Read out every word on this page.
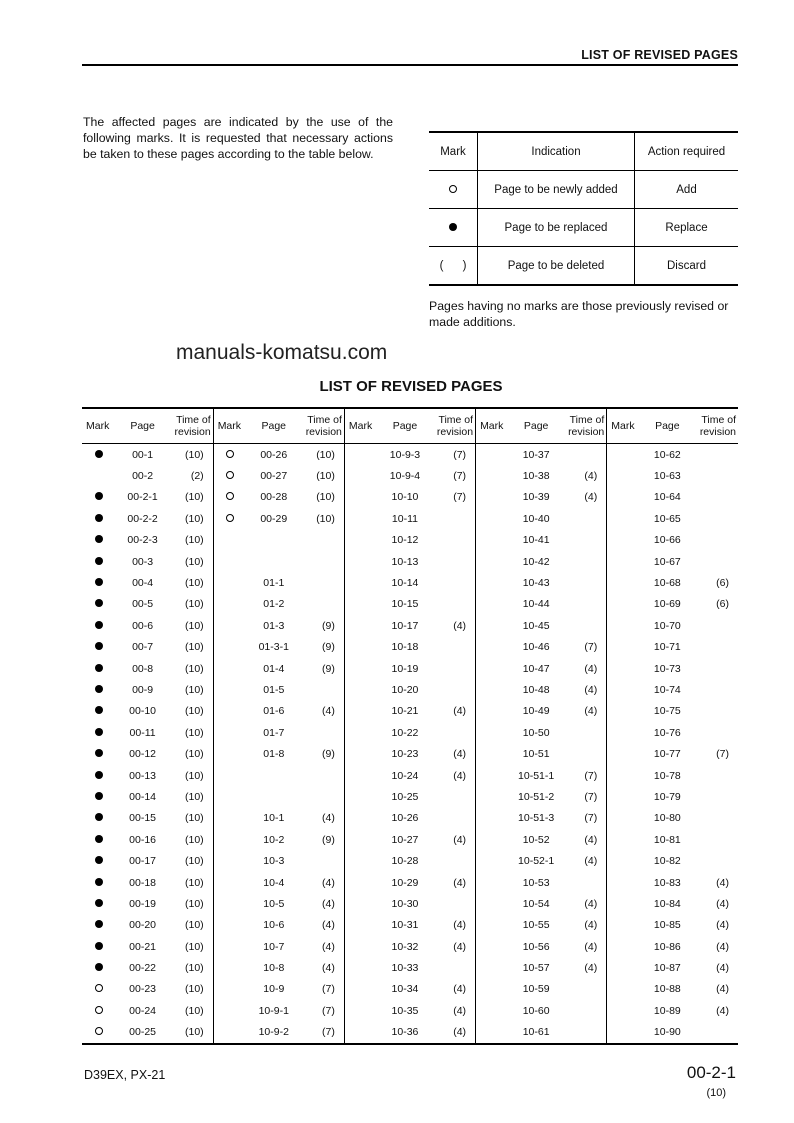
LIST OF REVISED PAGES
The affected pages are indicated by the use of the following marks. It is requested that necessary actions be taken to these pages according to the table below.	Mark	Indication	Action required
	Page to be newly added	Add
	Page to be replaced	Replace
(      )	Page to be deleted	Discard
Pages having no marks are those previously revised or made additions.
manuals-komatsu.com
LIST OF REVISED PAGES
Mark	Page	Time of revision	Mark	Page	Time of revision	Mark	Page	Time of revision	Mark	Page	Time of revision	Mark	Page	Time of revision
	00-1	(10)		00-26	(10)		10-9-3	(7)		10-37			10-62	
	00-2	(2)		00-27	(10)		10-9-4	(7)		10-38	(4)		10-63	
	00-2-1	(10)		00-28	(10)		10-10	(7)		10-39	(4)		10-64	
	00-2-2	(10)		00-29	(10)		10-11			10-40			10-65	
	00-2-3	(10)					10-12			10-41			10-66	
	00-3	(10)					10-13			10-42			10-67	
	00-4	(10)		01-1			10-14			10-43			10-68	(6)
	00-5	(10)		01-2			10-15			10-44			10-69	(6)
	00-6	(10)		01-3	(9)		10-17	(4)		10-45			10-70	
	00-7	(10)		01-3-1	(9)		10-18			10-46	(7)		10-71	
	00-8	(10)		01-4	(9)		10-19			10-47	(4)		10-73	
	00-9	(10)		01-5			10-20			10-48	(4)		10-74	
	00-10	(10)		01-6	(4)		10-21	(4)		10-49	(4)		10-75	
	00-11	(10)		01-7			10-22			10-50			10-76	
	00-12	(10)		01-8	(9)		10-23	(4)		10-51			10-77	(7)
	00-13	(10)					10-24	(4)		10-51-1	(7)		10-78	
	00-14	(10)					10-25			10-51-2	(7)		10-79	
	00-15	(10)		10-1	(4)		10-26			10-51-3	(7)		10-80	
	00-16	(10)		10-2	(9)		10-27	(4)		10-52	(4)		10-81	
	00-17	(10)		10-3			10-28			10-52-1	(4)		10-82	
	00-18	(10)		10-4	(4)		10-29	(4)		10-53			10-83	(4)
	00-19	(10)		10-5	(4)		10-30			10-54	(4)		10-84	(4)
	00-20	(10)		10-6	(4)		10-31	(4)		10-55	(4)		10-85	(4)
	00-21	(10)		10-7	(4)		10-32	(4)		10-56	(4)		10-86	(4)
	00-22	(10)		10-8	(4)		10-33			10-57	(4)		10-87	(4)
	00-23	(10)		10-9	(7)		10-34	(4)		10-59			10-88	(4)
	00-24	(10)		10-9-1	(7)		10-35	(4)		10-60			10-89	(4)
	00-25	(10)		10-9-2	(7)		10-36	(4)		10-61			10-90	
D39EX, PX-21	00-2-1
(10)
